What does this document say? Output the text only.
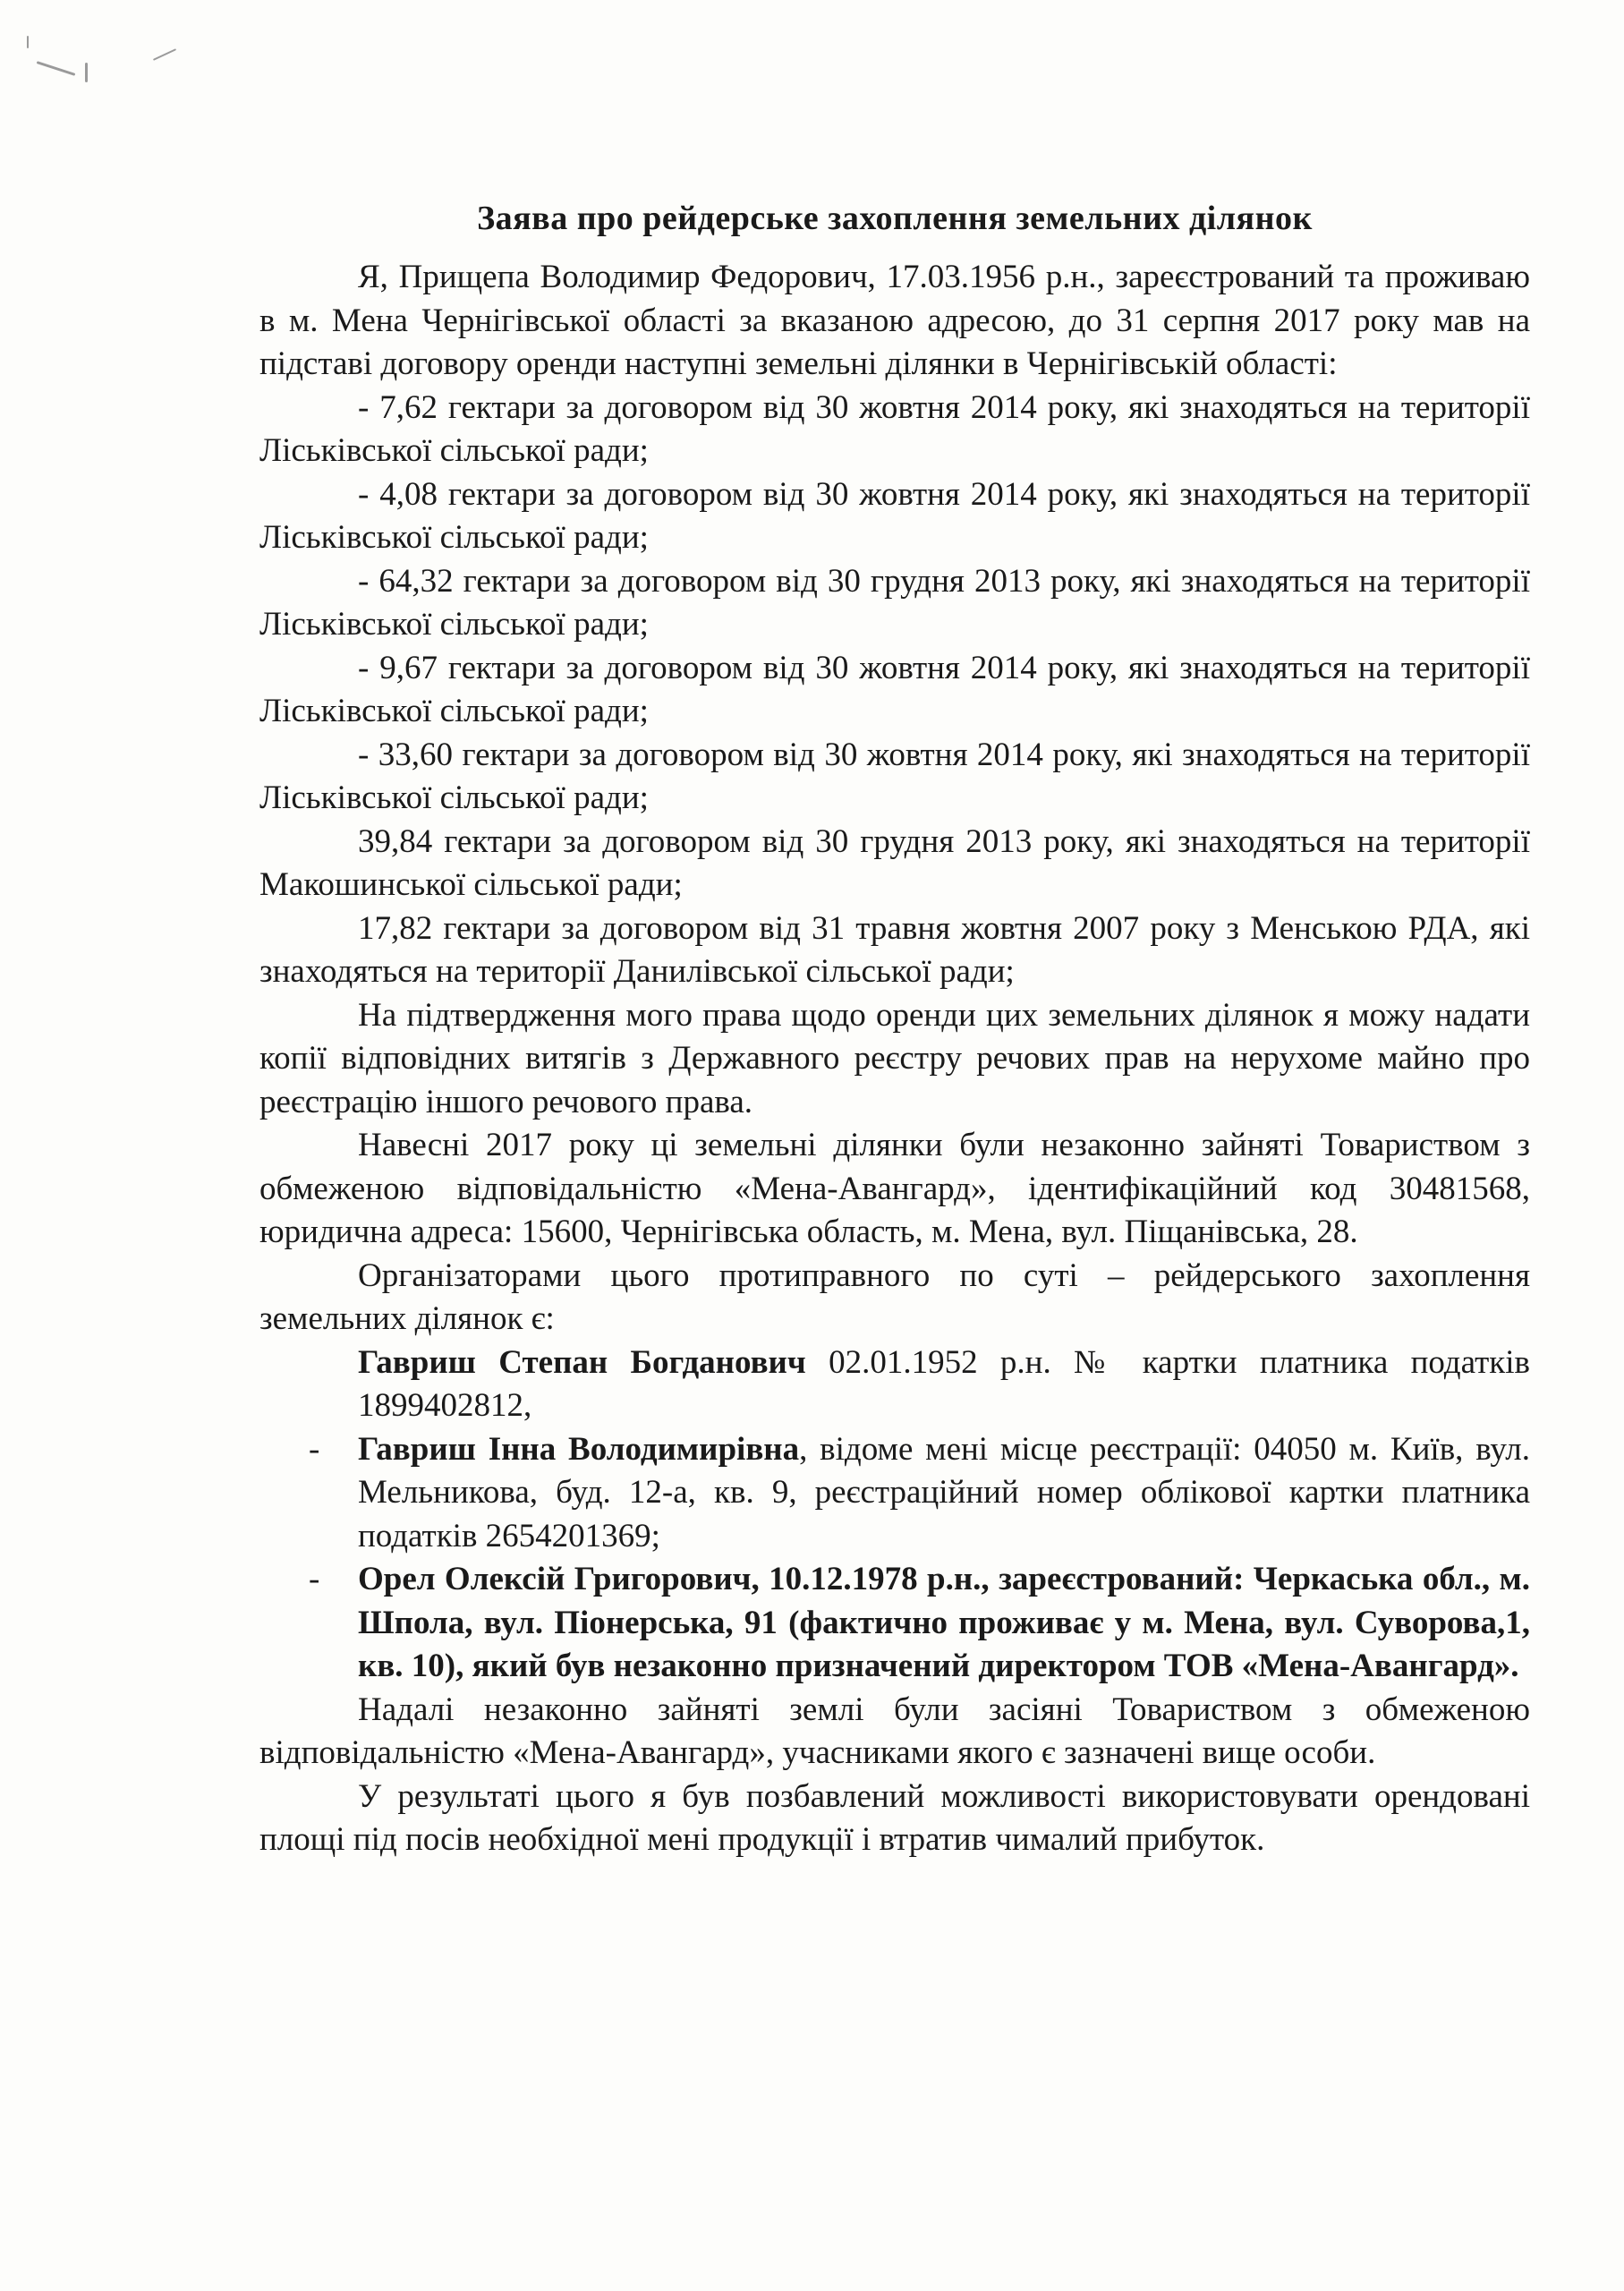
Заява про рейдерське захоплення земельних ділянок

Я, Прищепа Володимир Федорович, 17.03.1956 р.н., зареєстрований та проживаю в м. Мена Чернігівської області за вказаною адресою, до 31 серпня 2017 року мав на підставі договору оренди наступні земельні ділянки в Чернігівській області:

- 7,62 гектари за договором від 30 жовтня 2014 року, які знаходяться на території Ліськівської сільської ради;

- 4,08 гектари за договором від 30 жовтня 2014 року, які знаходяться на території Ліськівської сільської ради;

- 64,32 гектари за договором від 30 грудня 2013 року, які знаходяться на території Ліськівської сільської ради;

- 9,67 гектари за договором від 30 жовтня 2014 року, які знаходяться на території Ліськівської сільської ради;

- 33,60 гектари за договором від 30 жовтня 2014 року, які знаходяться на території Ліськівської сільської ради;

39,84 гектари за договором від 30 грудня 2013 року, які знаходяться на території Макошинської сільської ради;

17,82 гектари за договором від 31 травня жовтня 2007 року з Менською РДА, які знаходяться на території Данилівської сільської ради;

На підтвердження мого права щодо оренди цих земельних ділянок я можу надати копії відповідних витягів з Державного реєстру речових прав на нерухоме майно про реєстрацію іншого речового права.

Навесні 2017 року ці земельні ділянки були незаконно зайняті Товариством з обмеженою відповідальністю «Мена-Авангард», ідентифікаційний код 30481568, юридична адреса: 15600, Чернігівська область, м. Мена, вул. Піщанівська, 28.

Організаторами цього протиправного по суті – рейдерського захоплення земельних ділянок є:

Гавриш Степан Богданович 02.01.1952 р.н. № картки платника податків 1899402812,
- Гавриш Інна Володимирівна, відоме мені місце реєстрації: 04050 м. Київ, вул. Мельникова, буд. 12-а, кв. 9, реєстраційний номер облікової картки платника податків 2654201369;
- Орел Олексій Григорович, 10.12.1978 р.н., зареєстрований: Черкаська обл., м. Шпола, вул. Піонерська, 91 (фактично проживає у м. Мена, вул. Суворова,1, кв. 10), який був незаконно призначений директором ТОВ «Мена-Авангард».

Надалі незаконно зайняті землі були засіяні Товариством з обмеженою відповідальністю «Мена-Авангард», учасниками якого є зазначені вище особи.

У результаті цього я був позбавлений можливості використовувати орендовані площі під посів необхідної мені продукції і втратив чималий прибуток.
